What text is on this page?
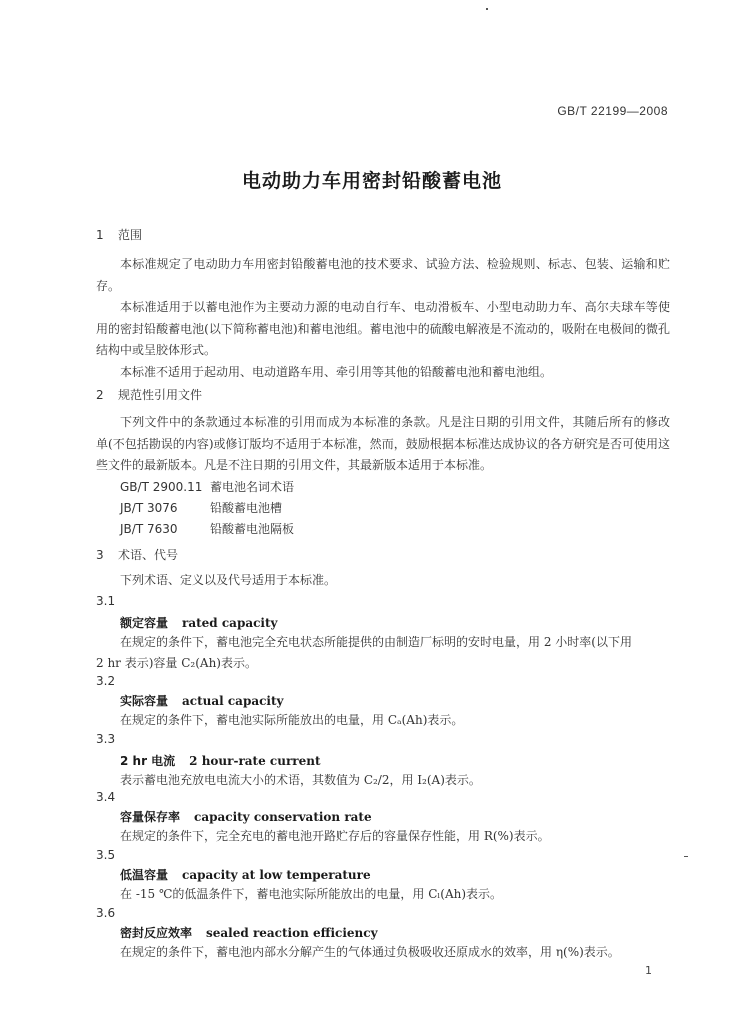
GB/T 22199—2008
电动助力车用密封铅酸蓄电池
1 范围
本标准规定了电动助力车用密封铅酸蓄电池的技术要求、试验方法、检验规则、标志、包装、运输和贮存。
本标准适用于以蓄电池作为主要动力源的电动自行车、电动滑板车、小型电动助力车、高尔夫球车等使用的密封铅酸蓄电池(以下简称蓄电池)和蓄电池组。蓄电池中的硫酸电解液是不流动的，吸附在电极间的微孔结构中或呈胶体形式。
本标准不适用于起动用、电动道路车用、牵引用等其他的铅酸蓄电池和蓄电池组。
2 规范性引用文件
下列文件中的条款通过本标准的引用而成为本标准的条款。凡是注日期的引用文件，其随后所有的修改单(不包括勘误的内容)或修订版均不适用于本标准，然而，鼓励根据本标准达成协议的各方研究是否可使用这些文件的最新版本。凡是不注日期的引用文件，其最新版本适用于本标准。
GB/T 2900.11 蓄电池名词术语
JB/T 3076	铅酸蓄电池槽
JB/T 7630	铅酸蓄电池隔板
3 术语、代号
下列术语、定义以及代号适用于本标准。
3.1
额定容量 rated capacity
在规定的条件下，蓄电池完全充电状态所能提供的由制造厂标明的安时电量，用 2 小时率(以下用
2 hr 表示)容量 C₂(Ah)表示。
3.2
实际容量 actual capacity
在规定的条件下，蓄电池实际所能放出的电量，用 Cₐ(Ah)表示。
3.3
2 hr 电流 2 hour-rate current
表示蓄电池充放电电流大小的术语，其数值为 C₂/2，用 I₂(A)表示。
3.4
容量保存率 capacity conservation rate
在规定的条件下，完全充电的蓄电池开路贮存后的容量保存性能，用 R(%)表示。
3.5
低温容量 capacity at low temperature
在 -15 ℃的低温条件下，蓄电池实际所能放出的电量，用 Cₗ(Ah)表示。
3.6
密封反应效率 sealed reaction efficiency
在规定的条件下，蓄电池内部水分解产生的气体通过负极吸收还原成水的效率，用 η(%)表示。
1
